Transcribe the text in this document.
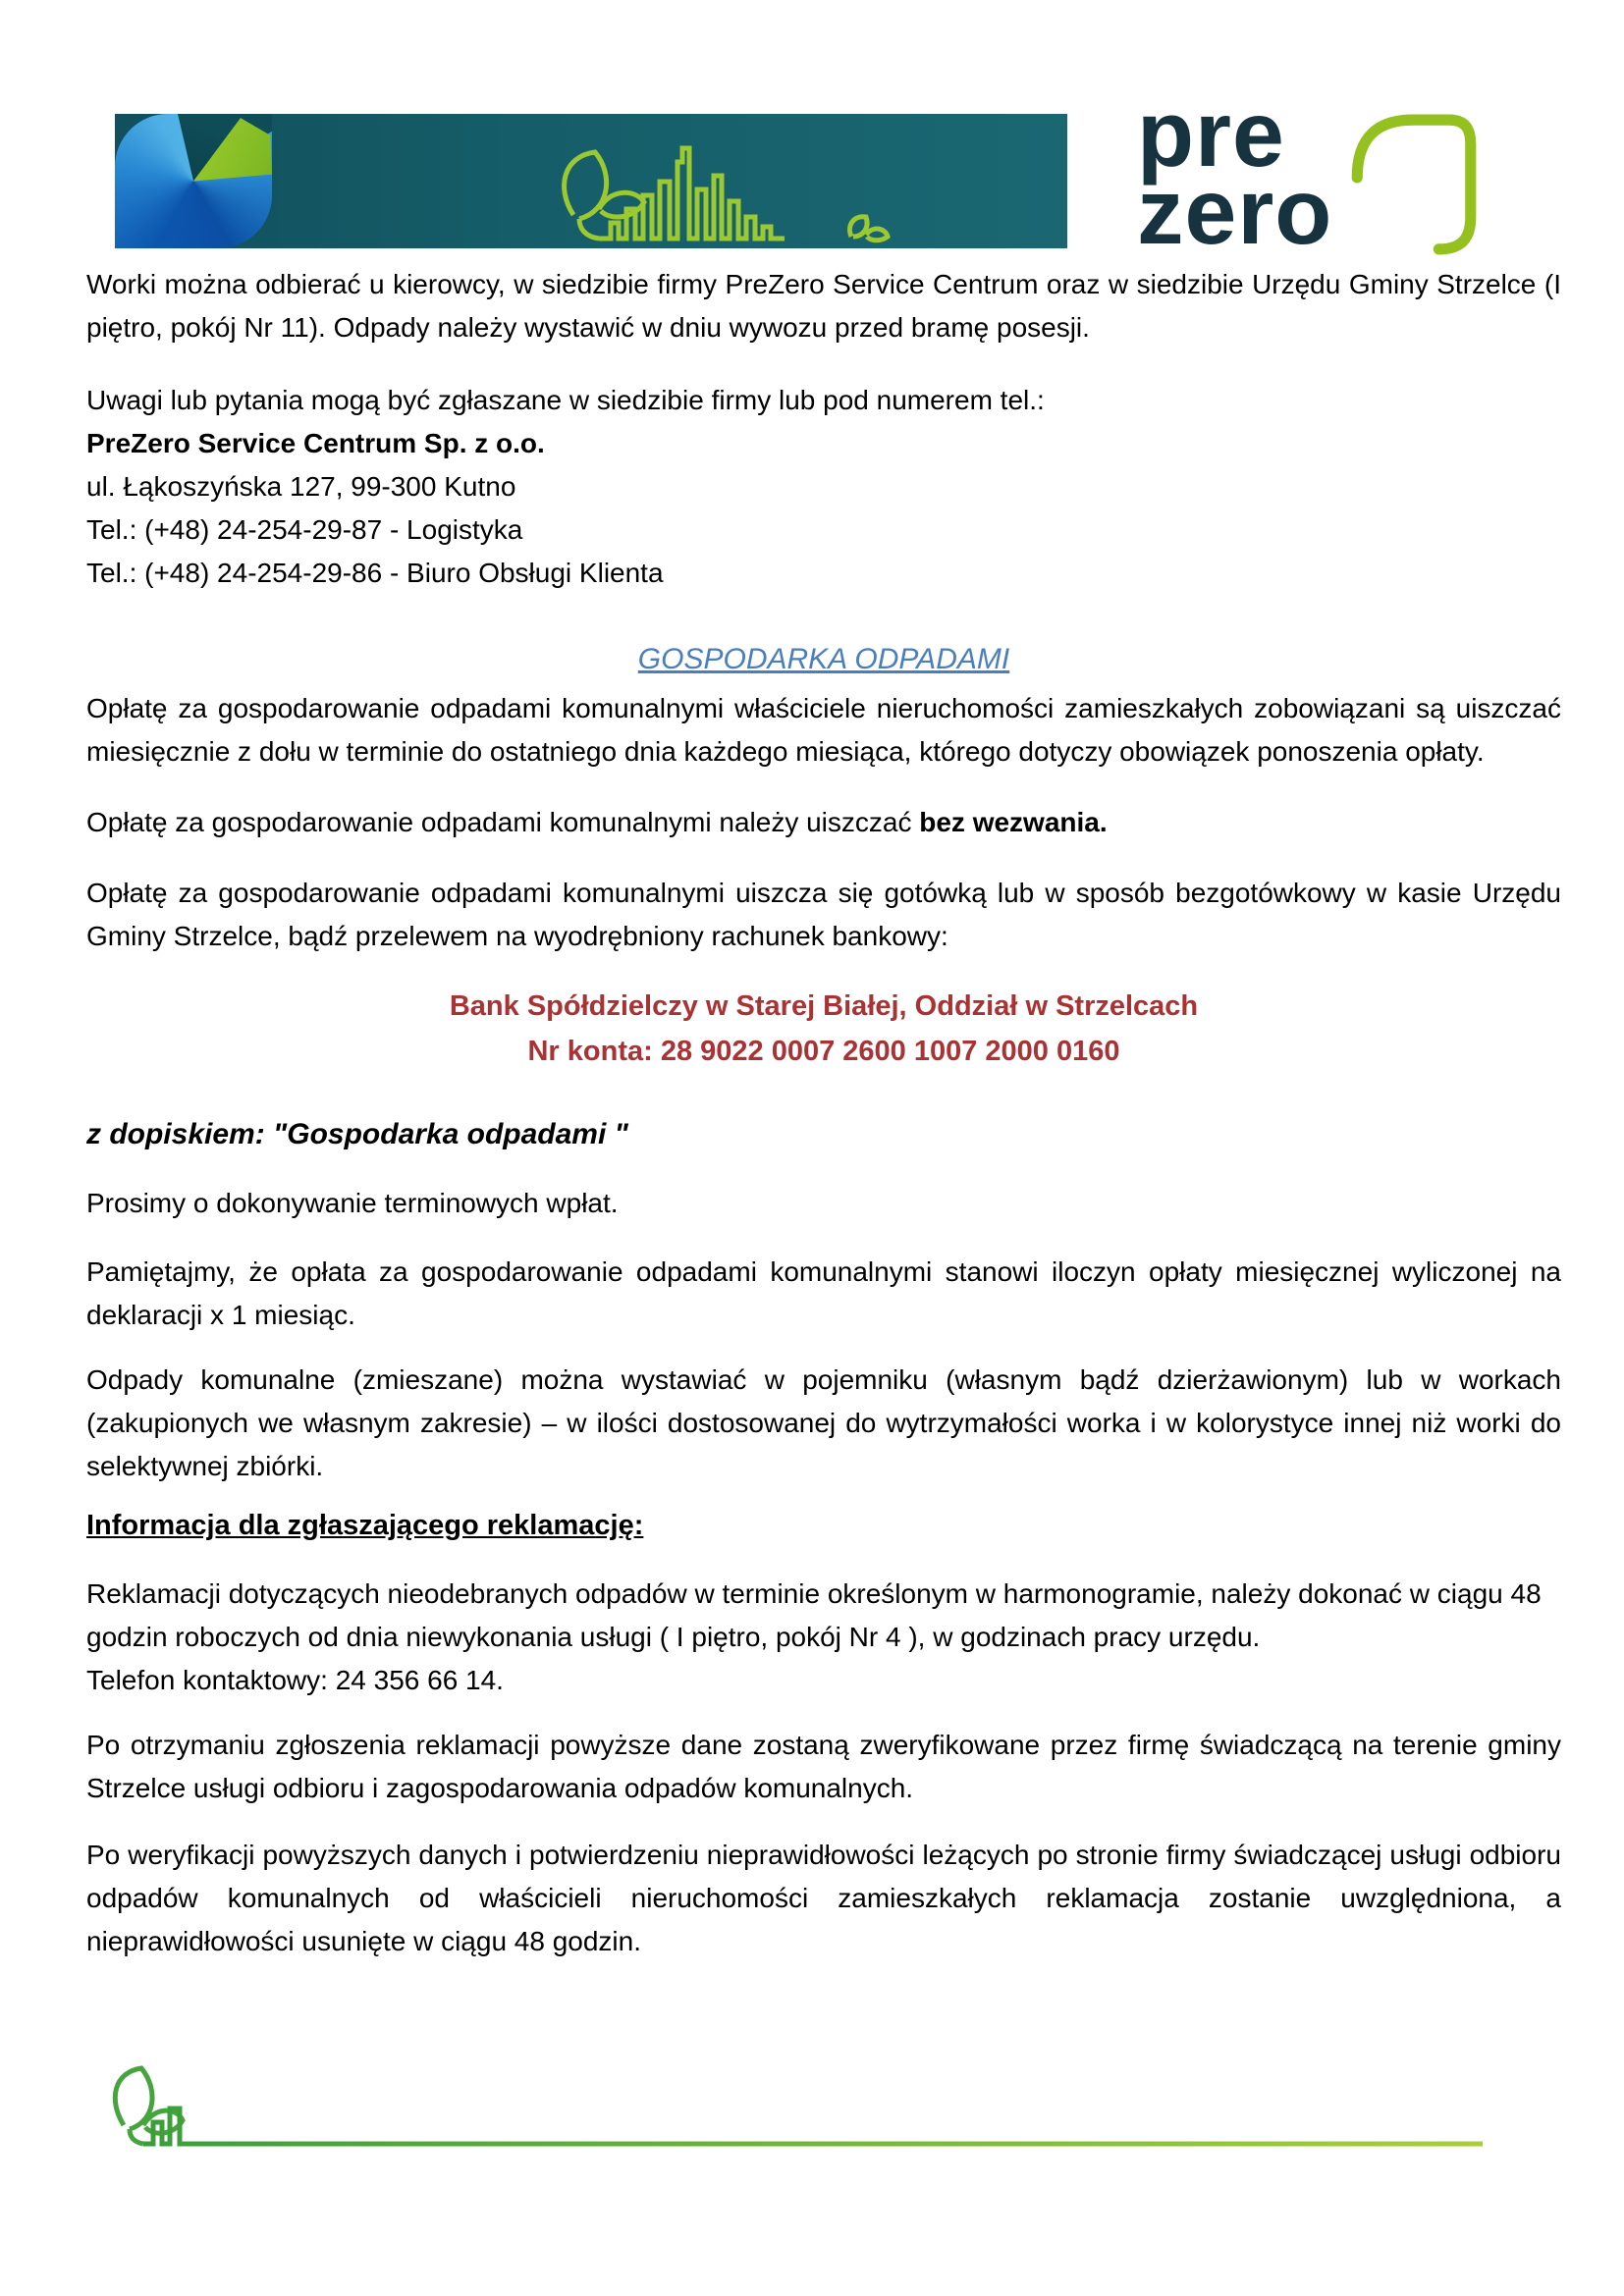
pre
zero

Worki można odbierać u kierowcy, w siedzibie firmy PreZero Service Centrum oraz w siedzibie Urzędu Gminy Strzelce (I piętro, pokój Nr 11). Odpady należy wystawić w dniu wywozu przed bramę posesji.

Uwagi lub pytania mogą być zgłaszane w siedzibie firmy lub pod numerem tel.:
PreZero Service Centrum Sp. z o.o.
ul. Łąkoszyńska 127, 99-300 Kutno
Tel.: (+48) 24-254-29-87 - Logistyka
Tel.: (+48) 24-254-29-86 - Biuro Obsługi Klienta
GOSPODARKA ODPADAMI

Opłatę za gospodarowanie odpadami komunalnymi właściciele nieruchomości zamieszkałych zobowiązani są uiszczać miesięcznie z dołu w terminie do ostatniego dnia każdego miesiąca, którego dotyczy obowiązek ponoszenia opłaty.

Opłatę za gospodarowanie odpadami komunalnymi należy uiszczać bez wezwania.

Opłatę za gospodarowanie odpadami komunalnymi uiszcza się gotówką lub w sposób bezgotówkowy w kasie Urzędu Gminy Strzelce, bądź przelewem na wyodrębniony rachunek bankowy:

Bank Spółdzielczy w Starej Białej, Oddział w Strzelcach
Nr konta: 28 9022 0007 2600 1007 2000 0160
z dopiskiem: "Gospodarka odpadami "

Prosimy o dokonywanie terminowych wpłat.

Pamiętajmy, że opłata za gospodarowanie odpadami komunalnymi stanowi iloczyn opłaty miesięcznej wyliczonej na deklaracji x 1 miesiąc.

Odpady komunalne (zmieszane) można wystawiać w pojemniku (własnym bądź dzierżawionym) lub w workach (zakupionych we własnym zakresie) – w ilości dostosowanej do wytrzymałości worka i w kolorystyce innej niż worki do selektywnej zbiórki.

Informacja dla zgłaszającego reklamację:
Reklamacji dotyczących nieodebranych odpadów w terminie określonym w harmonogramie, należy dokonać w ciągu 48 godzin roboczych od dnia niewykonania usługi ( I piętro, pokój Nr 4 ), w godzinach pracy urzędu.
Telefon kontaktowy: 24 356 66 14.

Po otrzymaniu zgłoszenia reklamacji powyższe dane zostaną zweryfikowane przez firmę świadczącą na terenie gminy Strzelce usługi odbioru i zagospodarowania odpadów komunalnych.

Po weryfikacji powyższych danych i potwierdzeniu nieprawidłowości leżących po stronie firmy świadczącej usługi odbioru odpadów komunalnych od właścicieli nieruchomości zamieszkałych reklamacja zostanie uwzględniona, a nieprawidłowości usunięte w ciągu 48 godzin.
